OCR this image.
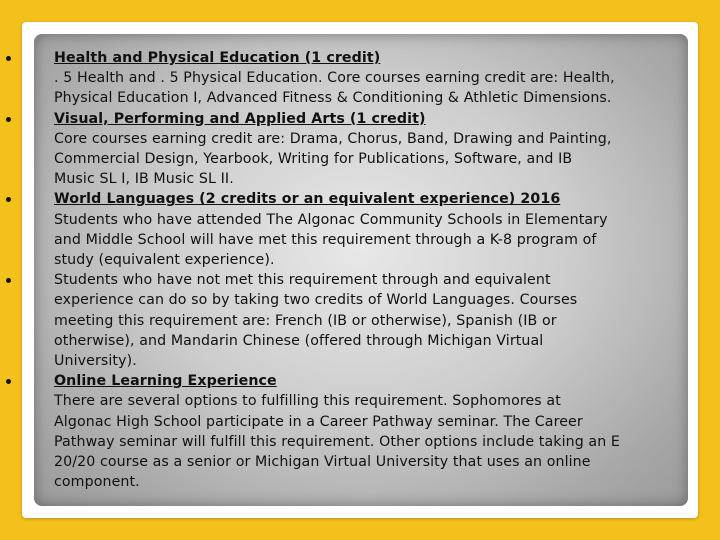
Health and Physical Education (1 credit)
. 5 Health and . 5 Physical Education. Core courses earning credit are: Health,
Physical Education I, Advanced Fitness & Conditioning & Athletic Dimensions.
Visual, Performing and Applied Arts (1 credit)
Core courses earning credit are: Drama, Chorus, Band, Drawing and Painting,
Commercial Design, Yearbook, Writing for Publications, Software, and IB
Music SL I, IB Music SL II.
World Languages (2 credits or an equivalent experience) 2016
Students who have attended The Algonac Community Schools in Elementary
and Middle School will have met this requirement through a K-8 program of
study (equivalent experience).
Students who have not met this requirement through and equivalent
experience can do so by taking two credits of World Languages. Courses
meeting this requirement are: French (IB or otherwise), Spanish (IB or
otherwise), and Mandarin Chinese (offered through Michigan Virtual
University).
Online Learning Experience
There are several options to fulfilling this requirement. Sophomores at
Algonac High School participate in a Career Pathway seminar. The Career
Pathway seminar will fulfill this requirement. Other options include taking an E
20/20 course as a senior or Michigan Virtual University that uses an online
component.
